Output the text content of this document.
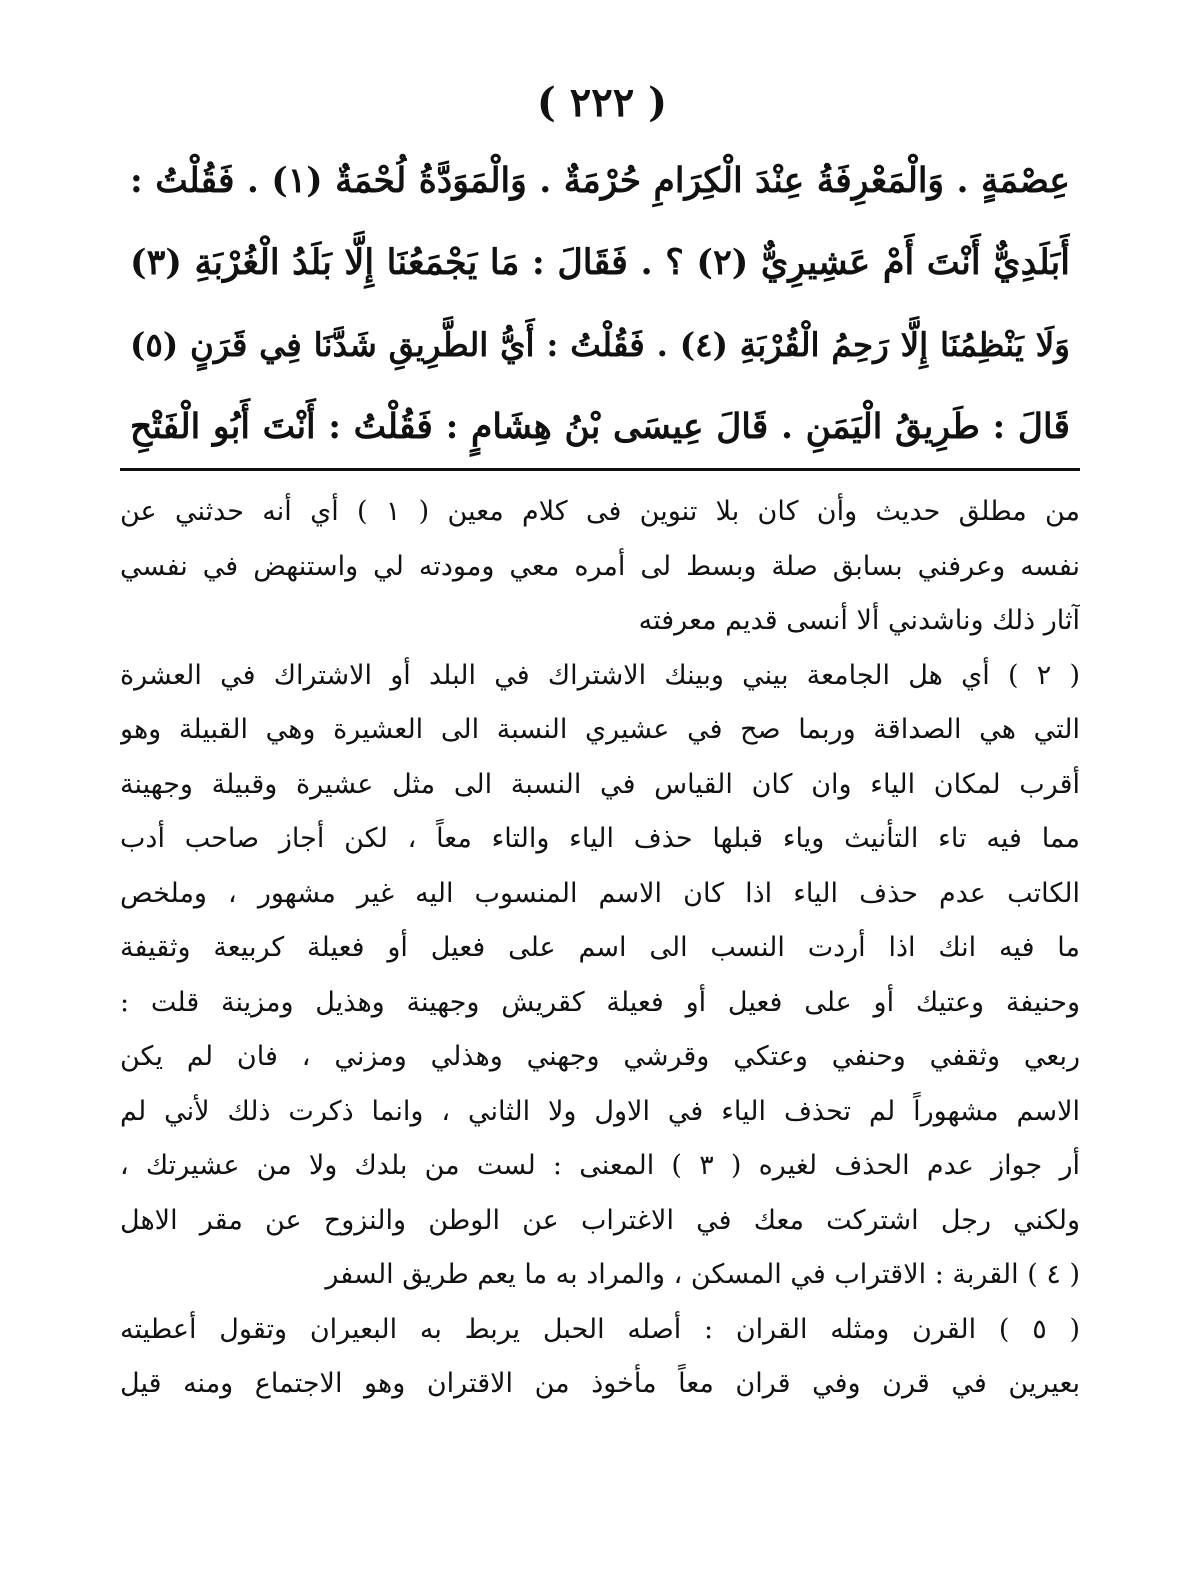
( ٢٢٢ )
عِصْمَةٍ . وَالْمَعْرِفَةُ عِنْدَ الْكِرَامِ حُرْمَةٌ . وَالْمَوَدَّةُ لُحْمَةٌ (١) . فَقُلْتُ :
أَبَلَدِيٌّ أَنْتَ أَمْ عَشِيرِيٌّ (٢) ؟ . فَقَالَ : مَا يَجْمَعُنَا إِلَّا بَلَدُ الْغُرْبَةِ (٣)
وَلَا يَنْظِمُنَا إِلَّا رَحِمُ الْقُرْبَةِ (٤) . فَقُلْتُ : أَيُّ الطَّرِيقِ شَدَّنَا فِي قَرَنٍ (٥)
قَالَ : طَرِيقُ الْيَمَنِ . قَالَ عِيسَى بْنُ هِشَامٍ : فَقُلْتُ : أَنْتَ أَبُو الْفَتْحِ
من مطلق حديث وأن كان بلا تنوين فى كلام معين ( ١ ) أي أنه حدثني عن
نفسه وعرفني بسابق صلة وبسط لى أمره معي ومودته لي واستنهض في نفسي
آثار ذلك وناشدني ألا أنسى قديم معرفته
( ٢ ) أي هل الجامعة بيني وبينك الاشتراك في البلد أو الاشتراك في العشرة
التي هي الصداقة وربما صح في عشيري النسبة الى العشيرة وهي القبيلة وهو
أقرب لمكان الياء وان كان القياس في النسبة الى مثل عشيرة وقبيلة وجهينة
مما فيه تاء التأنيث وياء قبلها حذف الياء والتاء معاً ، لكن أجاز صاحب أدب
الكاتب عدم حذف الياء اذا كان الاسم المنسوب اليه غير مشهور ، وملخص
ما فيه انك اذا أردت النسب الى اسم على فعيل أو فعيلة كربيعة وثقيفة
وحنيفة وعتيك أو على فعيل أو فعيلة كقريش وجهينة وهذيل ومزينة قلت :
ربعي وثقفي وحنفي وعتكي وقرشي وجهني وهذلي ومزني ، فان لم يكن
الاسم مشهوراً لم تحذف الياء في الاول ولا الثاني ، وانما ذكرت ذلك لأني لم
أر جواز عدم الحذف لغيره ( ٣ ) المعنى : لست من بلدك ولا من عشيرتك ،
ولكني رجل اشتركت معك في الاغتراب عن الوطن والنزوح عن مقر الاهل
( ٤ ) القربة : الاقتراب في المسكن ، والمراد به ما يعم طريق السفر
( ٥ ) القرن ومثله القران : أصله الحبل يربط به البعيران وتقول أعطيته
بعيرين في قرن وفي قران معاً مأخوذ من الاقتران وهو الاجتماع ومنه قيل
